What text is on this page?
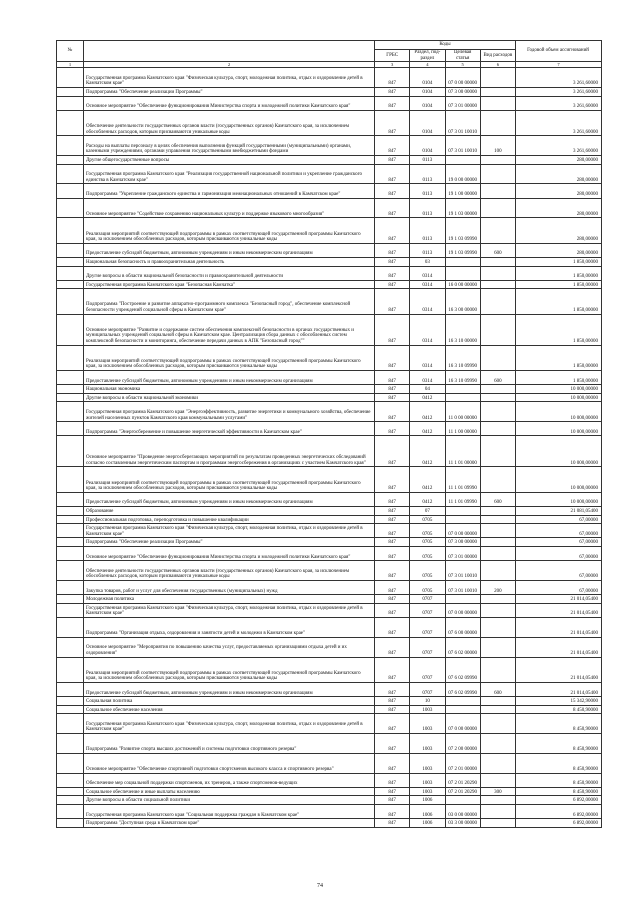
№		Коды				Годовой объем ассигнований
		ГРБС	Раздел, под- раздел	Целевая статья	Вид расходов	
1	2	3	4	5	6	7
	Государственная программа Камчатского края "Физическая культура, спорт, молодежная политика, отдых и оздоровление детей в Камчатском крае"	847	0104	07 0 00 00000		3 261,60000
	Подпрограмма "Обеспечение реализации Программы"	847	0104	07 3 00 00000		3 261,60000
	Основное мероприятие "Обеспечение функционирования Министерства спорта и молодежной политики Камчатского края"	847	0104	07 3 01 00000		3 261,60000
	Обеспечение деятельности государственных органов власти (государственных органов) Камчатского края, за исключением обособленных расходов, которым присваиваются уникальные коды	847	0104	07 3 01 10010		3 261,60000
	Расходы на выплаты персоналу в целях обеспечения выполнения функций государственными (муниципальными) органами, казенными учреждениями, органами управления государственными внебюджетными фондами	847	0104	07 3 01 10010	100	3 261,60000
	Другие общегосударственные вопросы	847	0113			280,00000
	Государственная программа Камчатского края "Реализация государственной национальной политики и укрепление гражданского единства в Камчатском крае"	847	0113	19 0 00 00000		280,00000
	Подпрограмма "Укрепление гражданского единства и гармонизация межнациональных отношений в Камчатском крае"	847	0113	19 1 00 00000		280,00000
	Основное мероприятие "Содействие сохранению национальных культур и поддержке языкового многообразия"	847	0113	19 1 03 00000		280,00000
	Реализация мероприятий соответствующей подпрограммы в рамках соответствующей государственной программы Камчатского края, за исключением обособленных расходов, которым присваиваются уникальные коды	847	0113	19 1 03 09990		280,00000
	Предоставление субсидий бюджетным, автономным учреждениям и иным некоммерческим организациям	847	0113	19 1 03 09990	600	280,00000
	Национальная безопасность и правоохранительная деятельность	847	03			1 850,00000
	Другие вопросы в области национальной безопасности и правоохранительной деятельности	847	0314			1 850,00000
	Государственная программа Камчатского края "Безопасная Камчатка"	847	0314	16 0 00 00000		1 850,00000
	Подпрограмма "Построение и развитие аппаратно-программного комплекса "Безопасный город", обеспечение комплексной безопасности учреждений социальной сферы в Камчатском крае"	847	0314	16 3 00 00000		1 850,00000
	Основное мероприятие "Развитие и содержание систем обеспечения комплексной безопасности в органах государственных и муниципальных учреждений социальной сферы в Камчатском крае. Централизация сбора данных с обособленных систем комплексной безопасности и мониторинга, обеспечение передачи данных в АПК "Безопасный город""	847	0314	16 3 10 00000		1 850,00000
	Реализация мероприятий соответствующей подпрограммы в рамках соответствующей государственной программы Камчатского края, за исключением обособленных расходов, которым присваиваются уникальные коды	847	0314	16 3 10 09990		1 850,00000
	Предоставление субсидий бюджетным, автономным учреждениям и иным некоммерческим организациям	847	0314	16 3 10 09990	600	1 850,00000
	Национальная экономика	847	04			10 000,00000
	Другие вопросы в области национальной экономики	847	0412			10 000,00000
	Государственная программа Камчатского края "Энергоэффективность, развитие энергетики и коммунального хозяйства, обеспечение жителей населенных пунктов Камчатского края коммунальными услугами"	847	0412	11 0 00 00000		10 000,00000
	Подпрограмма "Энергосбережение и повышение энергетической эффективности в Камчатском крае"	847	0412	11 1 00 00000		10 000,00000
	Основное мероприятие "Проведение энергосберегающих мероприятий по результатам проведенных энергетических обследований согласно составленным энергетическим паспортам и программам энергосбережения в организациях с участием Камчатского края"	847	0412	11 1 01 00000		10 000,00000
	Реализация мероприятий соответствующей подпрограммы в рамках соответствующей государственной программы Камчатского края, за исключением обособленных расходов, которым присваиваются уникальные коды	847	0412	11 1 01 09990		10 000,00000
	Предоставление субсидий бюджетным, автономным учреждениям и иным некоммерческим организациям	847	0412	11 1 01 09990	600	10 000,00000
	Образование	847	07			21 081,05400
	Профессиональная подготовка, переподготовка и повышение квалификации	847	0705			67,00000
	Государственная программа Камчатского края "Физическая культура, спорт, молодежная политика, отдых и оздоровление детей в Камчатском крае"	847	0705	07 0 00 00000		67,00000
	Подпрограмма "Обеспечение реализации Программы"	847	0705	07 3 00 00000		67,00000
	Основное мероприятие "Обеспечение функционирования Министерства спорта и молодежной политики Камчатского края"	847	0705	07 3 01 00000		67,00000
	Обеспечение деятельности государственных органов власти (государственных органов) Камчатского края, за исключением обособленных расходов, которым присваиваются уникальные коды	847	0705	07 3 01 10010		67,00000
	Закупка товаров, работ и услуг для обеспечения государственных (муниципальных) нужд	847	0705	07 3 01 10010	200	67,00000
	Молодежная политика	847	0707			21 014,05400
	Государственная программа Камчатского края "Физическая культура, спорт, молодежная политика, отдых и оздоровление детей в Камчатском крае"	847	0707	07 0 00 00000		21 014,05400
	Подпрограмма "Организация отдыха, оздоровления и занятости детей и молодежи в Камчатском крае"	847	0707	07 6 00 00000		21 014,05400
	Основное мероприятие "Мероприятия по повышению качества услуг, предоставляемых организациями отдыха детей и их оздоровления"	847	0707	07 6 02 00000		21 014,05400
	Реализация мероприятий соответствующей подпрограммы в рамках соответствующей государственной программы Камчатского края, за исключением обособленных расходов, которым присваиваются уникальные коды	847	0707	07 6 02 09990		21 014,05400
	Предоставление субсидий бюджетным, автономным учреждениям и иным некоммерческим организациям	847	0707	07 6 02 09990	600	21 014,05400
	Социальная политика	847	10			15 342,90000
	Социальное обеспечение населения	847	1003			8 450,90000
	Государственная программа Камчатского края "Физическая культура, спорт, молодежная политика, отдых и оздоровление детей в Камчатском крае"	847	1003	07 0 00 00000		8 450,90000
	Подпрограмма "Развитие спорта высших достижений и системы подготовки спортивного резерва"	847	1003	07 2 00 00000		8 450,90000
	Основное мероприятие "Обеспечение спортивной подготовки спортсменов высокого класса и спортивного резерва"	847	1003	07 2 01 00000		8 450,90000
	Обеспечение мер социальной поддержки спортсменов, их тренеров, а также спортсменов-ведущих	847	1003	07 2 01 20290		8 450,90000
	Социальное обеспечение и иные выплаты населению	847	1003	07 2 01 20290	300	8 450,90000
	Другие вопросы в области социальной политики	847	1006			6 892,00000
	Государственная программа Камчатского края "Социальная поддержка граждан в Камчатском крае"	847	1006	03 0 00 00000		6 892,00000
	Подпрограмма "Доступная среда в Камчатском крае"	847	1006	03 3 00 00000		6 892,00000
74
